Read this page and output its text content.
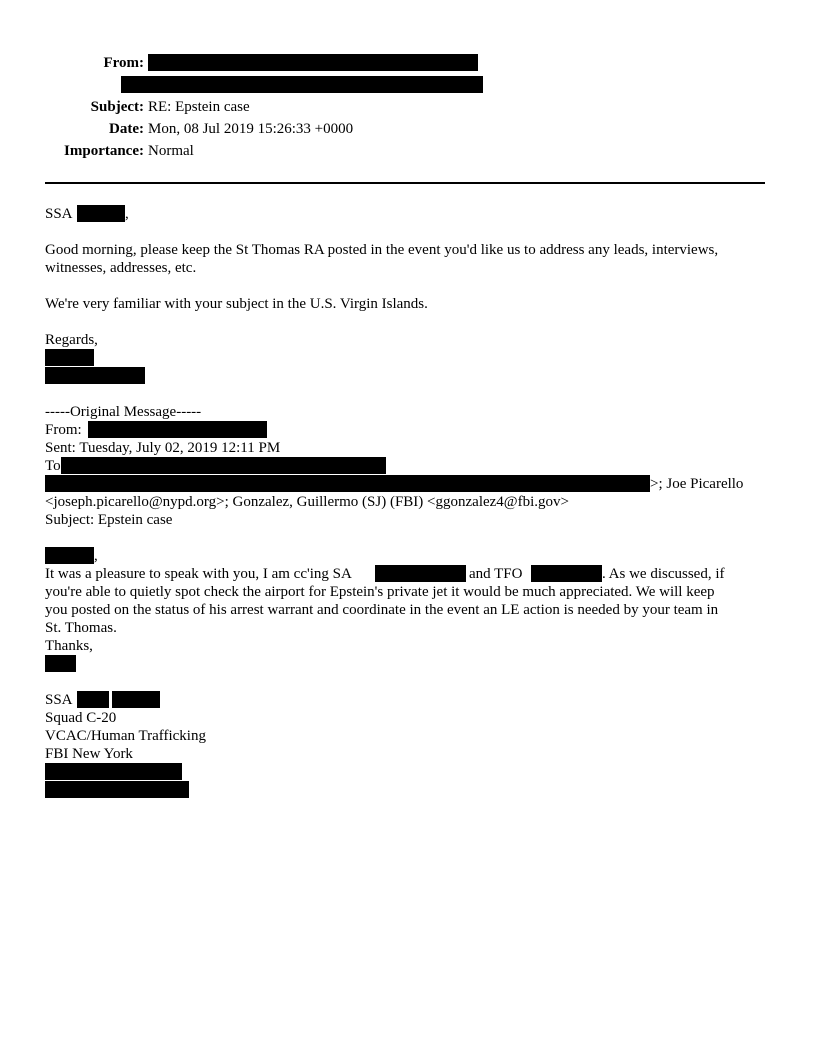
From:
Subject: RE: Epstein case
Date: Mon, 08 Jul 2019 15:26:33 +0000
Importance: Normal
SSA	,
Good morning, please keep the St Thomas RA posted in the event you'd like us to address any leads, interviews,
witnesses, addresses, etc.
We're very familiar with your subject in the U.S. Virgin Islands.
Regards,
-----Original Message-----
From:
Sent: Tuesday, July 02, 2019 12:11 PM
To
>; Joe Picarello
<joseph.picarello@nypd.org>; Gonzalez, Guillermo (SJ) (FBI) <ggonzalez4@fbi.gov>
Subject: Epstein case
,
It was a pleasure to speak with you, I am cc'ing SA	and TFO	. As we discussed, if
you're able to quietly spot check the airport for Epstein's private jet it would be much appreciated. We will keep
you posted on the status of his arrest warrant and coordinate in the event an LE action is needed by your team in
St. Thomas.
Thanks,
SSA
Squad C-20
VCAC/Human Trafficking
FBI New York
